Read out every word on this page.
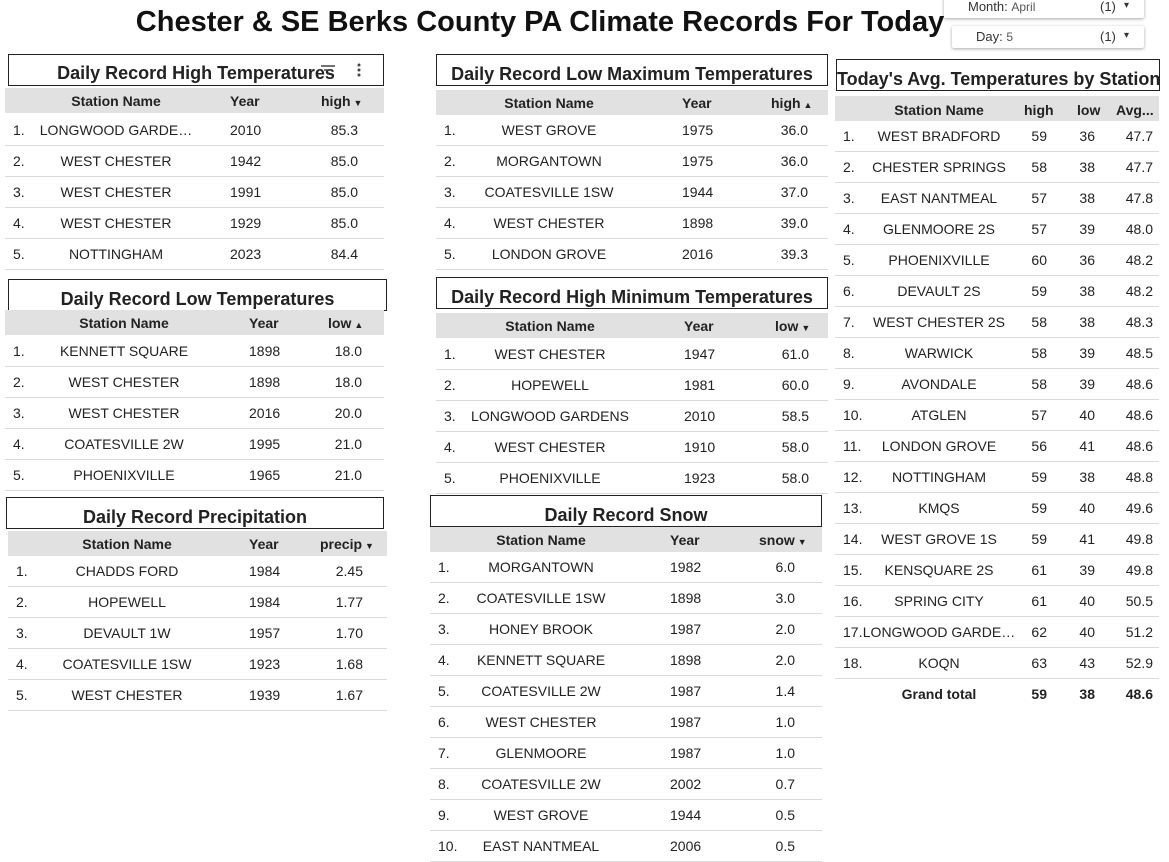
Chester & SE Berks County PA Climate Records For Today	Month: April	(1) ▾
Day: 5	(1) ▾
Daily Record High Temperatures
Daily Record Low Temperatures
Daily Record Precipitation
Daily Record Low Maximum Temperatures
Daily Record High Minimum Temperatures
Daily Record Snow
Today's Avg. Temperatures by Station
Station Name	Year	high ▼
1.	LONGWOOD GARDE…	2010	85.3
2.	WEST CHESTER	1942	85.0
3.	WEST CHESTER	1991	85.0
4.	WEST CHESTER	1929	85.0
5.	NOTTINGHAM	2023	84.4
Station Name	Year	low ▲
1.	KENNETT SQUARE	1898	18.0
2.	WEST CHESTER	1898	18.0
3.	WEST CHESTER	2016	20.0
4.	COATESVILLE 2W	1995	21.0
5.	PHOENIXVILLE	1965	21.0
Station Name	Year	precip ▼
1.	CHADDS FORD	1984	2.45
2.	HOPEWELL	1984	1.77
3.	DEVAULT 1W	1957	1.70
4.	COATESVILLE 1SW	1923	1.68
5.	WEST CHESTER	1939	1.67
Station Name	Year	high ▲
1.	WEST GROVE	1975	36.0
2.	MORGANTOWN	1975	36.0
3.	COATESVILLE 1SW	1944	37.0
4.	WEST CHESTER	1898	39.0
5.	LONDON GROVE	2016	39.3
Station Name	Year	low ▼
1.	WEST CHESTER	1947	61.0
2.	HOPEWELL	1981	60.0
3.	LONGWOOD GARDENS	2010	58.5
4.	WEST CHESTER	1910	58.0
5.	PHOENIXVILLE	1923	58.0
Station Name	Year	snow ▼
1.	MORGANTOWN	1982	6.0
2.	COATESVILLE 1SW	1898	3.0
3.	HONEY BROOK	1987	2.0
4.	KENNETT SQUARE	1898	2.0
5.	COATESVILLE 2W	1987	1.4
6.	WEST CHESTER	1987	1.0
7.	GLENMOORE	1987	1.0
8.	COATESVILLE 2W	2002	0.7
9.	WEST GROVE	1944	0.5
10.	EAST NANTMEAL	2006	0.5
Station Name	high	low	Avg...
1.	WEST BRADFORD	59	36	47.7
2.	CHESTER SPRINGS	58	38	47.7
3.	EAST NANTMEAL	57	38	47.8
4.	GLENMOORE 2S	57	39	48.0
5.	PHOENIXVILLE	60	36	48.2
6.	DEVAULT 2S	59	38	48.2
7.	WEST CHESTER 2S	58	38	48.3
8.	WARWICK	58	39	48.5
9.	AVONDALE	58	39	48.6
10.	ATGLEN	57	40	48.6
11.	LONDON GROVE	56	41	48.6
12.	NOTTINGHAM	59	38	48.8
13.	KMQS	59	40	49.6
14.	WEST GROVE 1S	59	41	49.8
15.	KENSQUARE 2S	61	39	49.8
16.	SPRING CITY	61	40	50.5
17. LONGWOOD GARDE…	62	40	51.2
18.	KOQN	63	43	52.9
Grand total	59	38	48.6
